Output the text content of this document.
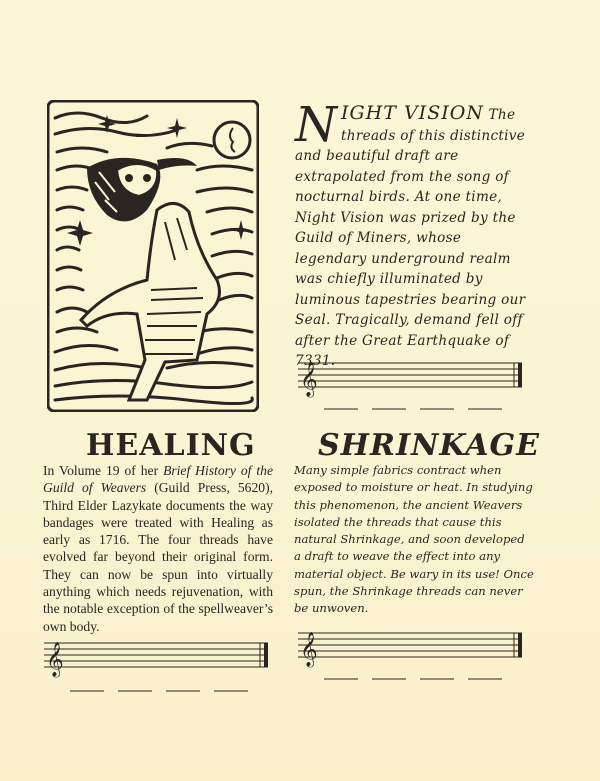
N IGHT VISION The threads of this distinctive and beautiful draft are extrapolated from the song of nocturnal birds. At one time, Night Vision was prized by the Guild of Miners, whose legendary underground realm was chiefly illuminated by luminous tapestries bearing our Seal. Tragically, demand fell off after the Great Earthquake of 7331.

𝄞
HEALING

In Volume 19 of her Brief History of the Guild of Weavers (Guild Press, 5620), Third Elder Lazykate documents the way bandages were treated with Healing as early as 1716. The four threads have evolved far beyond their original form. They can now be spun into virtually anything which needs rejuvenation, with the notable exception of the spellweaver’s own body.

𝄞
SHRINKAGE

Many simple fabrics contract when exposed to moisture or heat. In studying this phenomenon, the ancient Weavers isolated the threads that cause this natural Shrinkage, and soon developed a draft to weave the effect into any material object. Be wary in its use! Once spun, the Shrinkage threads can never be unwoven.

𝄞
